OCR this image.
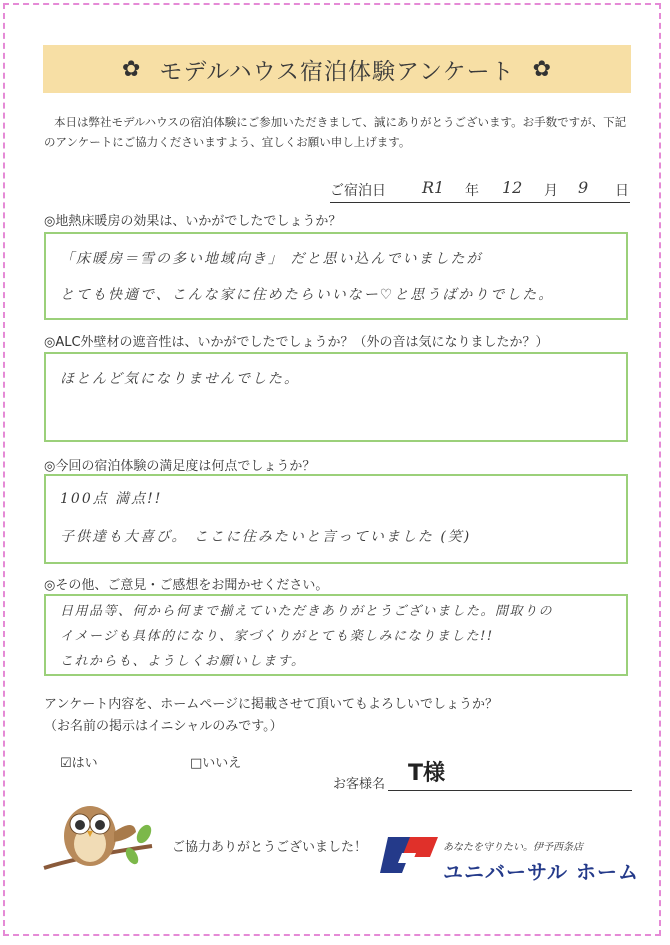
✿ モデルハウス宿泊体験アンケート ✿
本日は弊社モデルハウスの宿泊体験にご参加いただきまして、誠にありがとうございます。お手数ですが、下記のアンケートにご協力くださいますよう、宜しくお願い申し上げます。
ご宿泊日 R1 年 12 月 9 日
◎地熱床暖房の効果は、いかがでしたでしょうか？

「床暖房＝雪の多い地域向き」 だと思い込んでいましたが

とても快適で、こんな家に住めたらいいなー♡と思うばかりでした。

◎ALC外壁材の遮音性は、いかがでしたでしょうか？（外の音は気になりましたか？）

ほとんど気になりませんでした。

◎今回の宿泊体験の満足度は何点でしょうか？

100点 満点!!

子供達も大喜び。 ここに住みたいと言っていました (笑)

◎その他、ご意見・ご感想をお聞かせください。

日用品等、何から何まで揃えていただきありがとうございました。間取りの

イメージも具体的になり、家づくりがとても楽しみになりました!!

これからも、ようしくお願いします。

アンケート内容を、ホームページに掲載させて頂いてもよろしいでしょうか？
（お名前の掲示はイニシャルのみです。）
☑はい	□いいえ
お客様名 T様
ご協力ありがとうございました！	あなたを守りたい。伊予西条店
ユニバーサル ホーム
